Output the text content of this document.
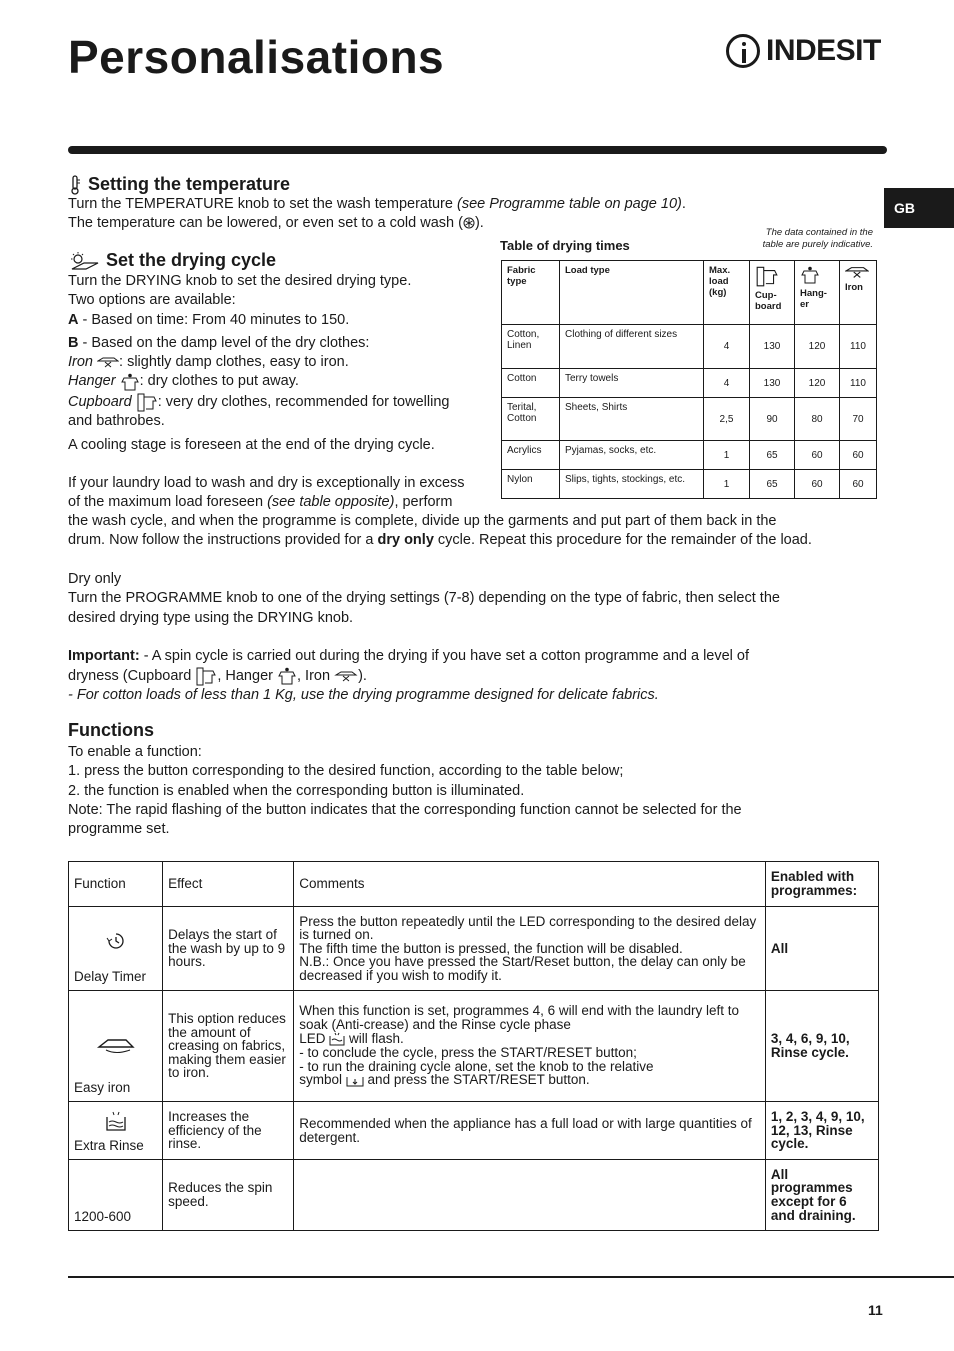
Personalisations	INDESIT
GB
Setting the temperature
Turn the TEMPERATURE knob to set the wash temperature (see Programme table on page 10).
The temperature can be lowered, or even set to a cold wash ( ).
Set the drying cycle
Turn the DRYING knob to set the desired drying type.
Two options are available:
A - Based on time: From 40 minutes to 150.
B - Based on the damp level of the dry clothes:
Iron : slightly damp clothes, easy to iron.
Hanger : dry clothes to put away.
Cupboard : very dry clothes, recommended for towelling
and bathrobes.
A cooling stage is foreseen at the end of the drying cycle.
If your laundry load to wash and dry is exceptionally in excess
of the maximum load foreseen (see table opposite), perform
the wash cycle, and when the programme is complete, divide up the garments and put part of them back in the
drum. Now follow the instructions provided for a dry only cycle. Repeat this procedure for the remainder of the load.
Table of drying times
The data contained in the
table are purely indicative.
Fabric type	Load type	Max. load (kg)	Cup- board	Hang- er	Iron

Cotton, Linen	Clothing of different sizes	4	130	120	110
Cotton	Terry towels	4	130	120	110
Terital, Cotton	Sheets, Shirts	2,5	90	80	70
Acrylics	Pyjamas, socks, etc.	1	65	60	60
Nylon	Slips, tights, stockings, etc.	1	65	60	60
Dry only
Turn the PROGRAMME knob to one of the drying settings (7-8) depending on the type of fabric, then select the
desired drying type using the DRYING knob.
Important: - A spin cycle is carried out during the drying if you have set a cotton programme and a level of
dryness (Cupboard , Hanger , Iron ).
- For cotton loads of less than 1 Kg, use the drying programme designed for delicate fabrics.
Functions
To enable a function:
1. press the button corresponding to the desired function, according to the table below;
2. the function is enabled when the corresponding button is illuminated.
Note: The rapid flashing of the button indicates that the corresponding function cannot be selected for the
programme set.
Function	Effect	Comments	Enabled with programmes:

Delay Timer	Delays the start of the wash by up to 9 hours.	Press the button repeatedly until the LED corresponding to the desired delay is turned on.
The fifth time the button is pressed, the function will be disabled.
N.B.: Once you have pressed the Start/Reset button, the delay can only be decreased if you wish to modify it.	All

Easy iron	This option reduces the amount of creasing on fabrics, making them easier to iron.	When this function is set, programmes 4, 6 will end with the laundry left to soak (Anti-crease) and the Rinse cycle phase
LED  will flash.
- to conclude the cycle, press the START/RESET button;
- to run the draining cycle alone, set the knob to the relative
symbol  and press the START/RESET button.	3, 4, 6, 9, 10, Rinse cycle.

Extra Rinse	Increases the efficiency of the rinse.	Recommended when the appliance has a full load or with large quantities of detergent.	1, 2, 3, 4, 9, 10, 12, 13, Rinse cycle.
1200-600	Reduces the spin speed.		All programmes except for 6 and draining.
11
